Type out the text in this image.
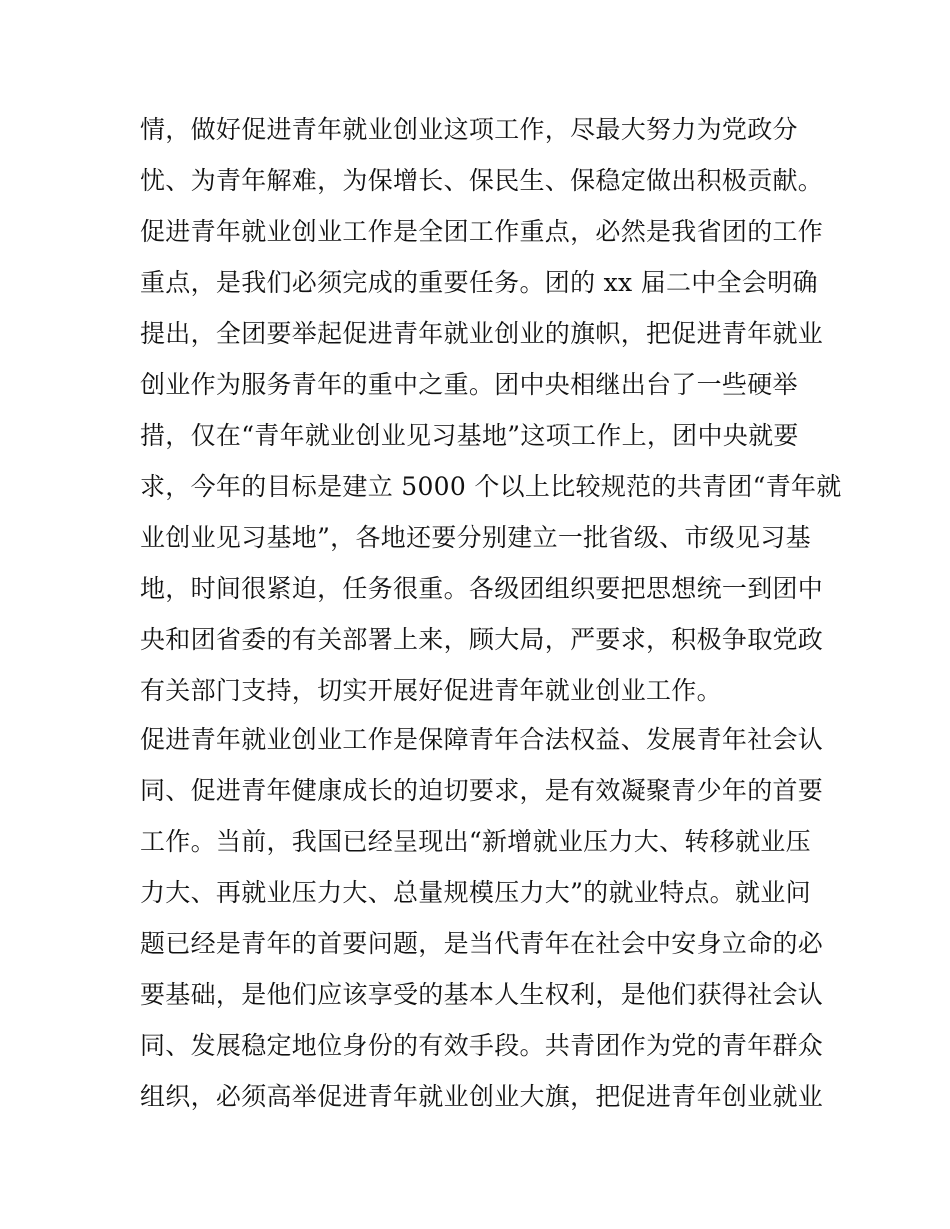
情，做好促进青年就业创业这项工作，尽最大努力为党政分
忧、为青年解难，为保增长、保民生、保稳定做出积极贡献。
促进青年就业创业工作是全团工作重点，必然是我省团的工作
重点，是我们必须完成的重要任务。团的 xx 届二中全会明确
提出，全团要举起促进青年就业创业的旗帜，把促进青年就业
创业作为服务青年的重中之重。团中央相继出台了一些硬举
措，仅在“青年就业创业见习基地”这项工作上，团中央就要
求，今年的目标是建立 5000 个以上比较规范的共青团“青年就
业创业见习基地”，各地还要分别建立一批省级、市级见习基
地，时间很紧迫，任务很重。各级团组织要把思想统一到团中
央和团省委的有关部署上来，顾大局，严要求，积极争取党政
有关部门支持，切实开展好促进青年就业创业工作。
促进青年就业创业工作是保障青年合法权益、发展青年社会认
同、促进青年健康成长的迫切要求，是有效凝聚青少年的首要
工作。当前，我国已经呈现出“新增就业压力大、转移就业压
力大、再就业压力大、总量规模压力大”的就业特点。就业问
题已经是青年的首要问题，是当代青年在社会中安身立命的必
要基础，是他们应该享受的基本人生权利，是他们获得社会认
同、发展稳定地位身份的有效手段。共青团作为党的青年群众
组织，必须高举促进青年就业创业大旗，把促进青年创业就业
